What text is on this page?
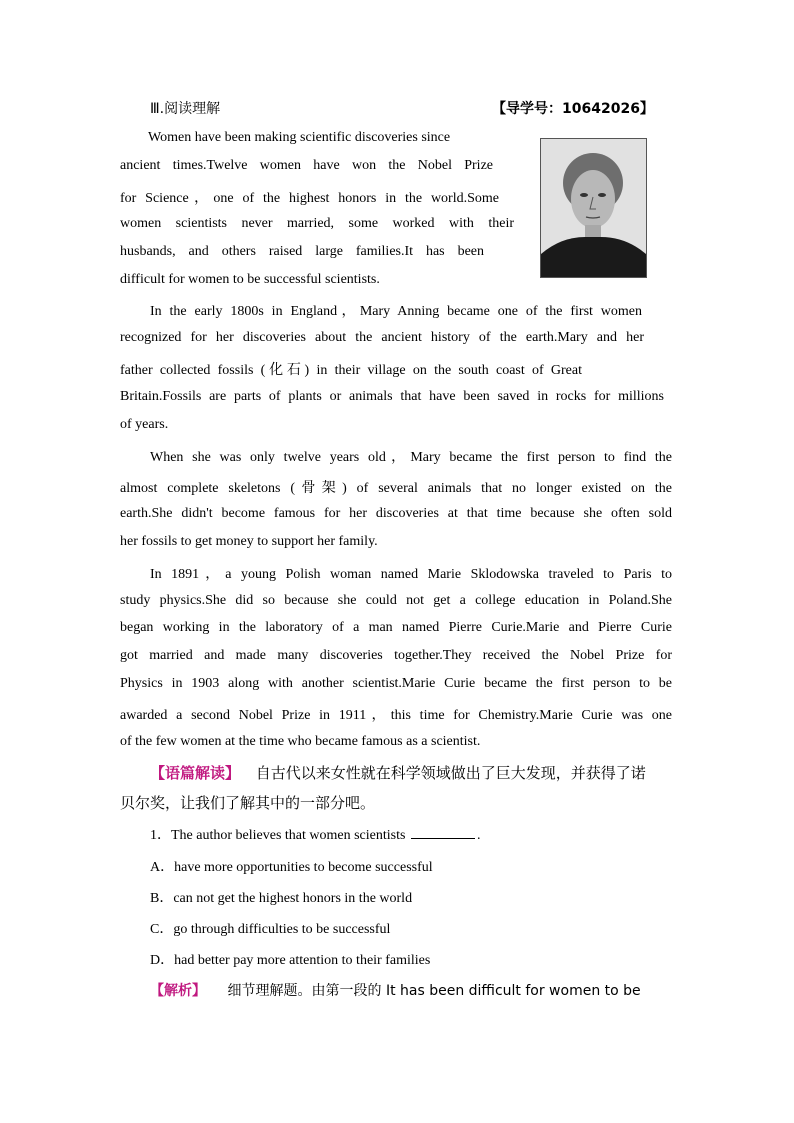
Ⅲ.阅读理解	【导学号：10642026】
Women have been making scientific discoveries since
ancient times.Twelve women have won the Nobel Prize
for Science，one of the highest honors in the world.Some
women scientists never married, some worked with their
husbands, and others raised large families.It has been
difficult for women to be successful scientists.
In the early 1800s in England，Mary Anning became one of the first women
recognized for her discoveries about the ancient history of the earth.Mary and her
father collected fossils (化石) in their village on the south coast of Great
Britain.Fossils are parts of plants or animals that have been saved in rocks for millions
of years.
When she was only twelve years old，Mary became the first person to find the
almost complete skeletons (骨架) of several animals that no longer existed on the
earth.She didn't become famous for her discoveries at that time because she often sold
her fossils to get money to support her family.
In 1891，a young Polish woman named Marie Sklodowska traveled to Paris to
study physics.She did so because she could not get a college education in Poland.She
began working in the laboratory of a man named Pierre Curie.Marie and Pierre Curie
got married and made many discoveries together.They received the Nobel Prize for
Physics in 1903 along with another scientist.Marie Curie became the first person to be
awarded a second Nobel Prize in 1911，this time for Chemistry.Marie Curie was one
of the few women at the time who became famous as a scientist.
【语篇解读】 自古代以来女性就在科学领域做出了巨大发现，并获得了诺
贝尔奖，让我们了解其中的一部分吧。
1．The author believes that women scientists	.
A．have more opportunities to become successful
B．can not get the highest honors in the world
C．go through difficulties to be successful
D．had better pay more attention to their families
【解析】 细节理解题。由第一段的 It has been difficult for women to be
